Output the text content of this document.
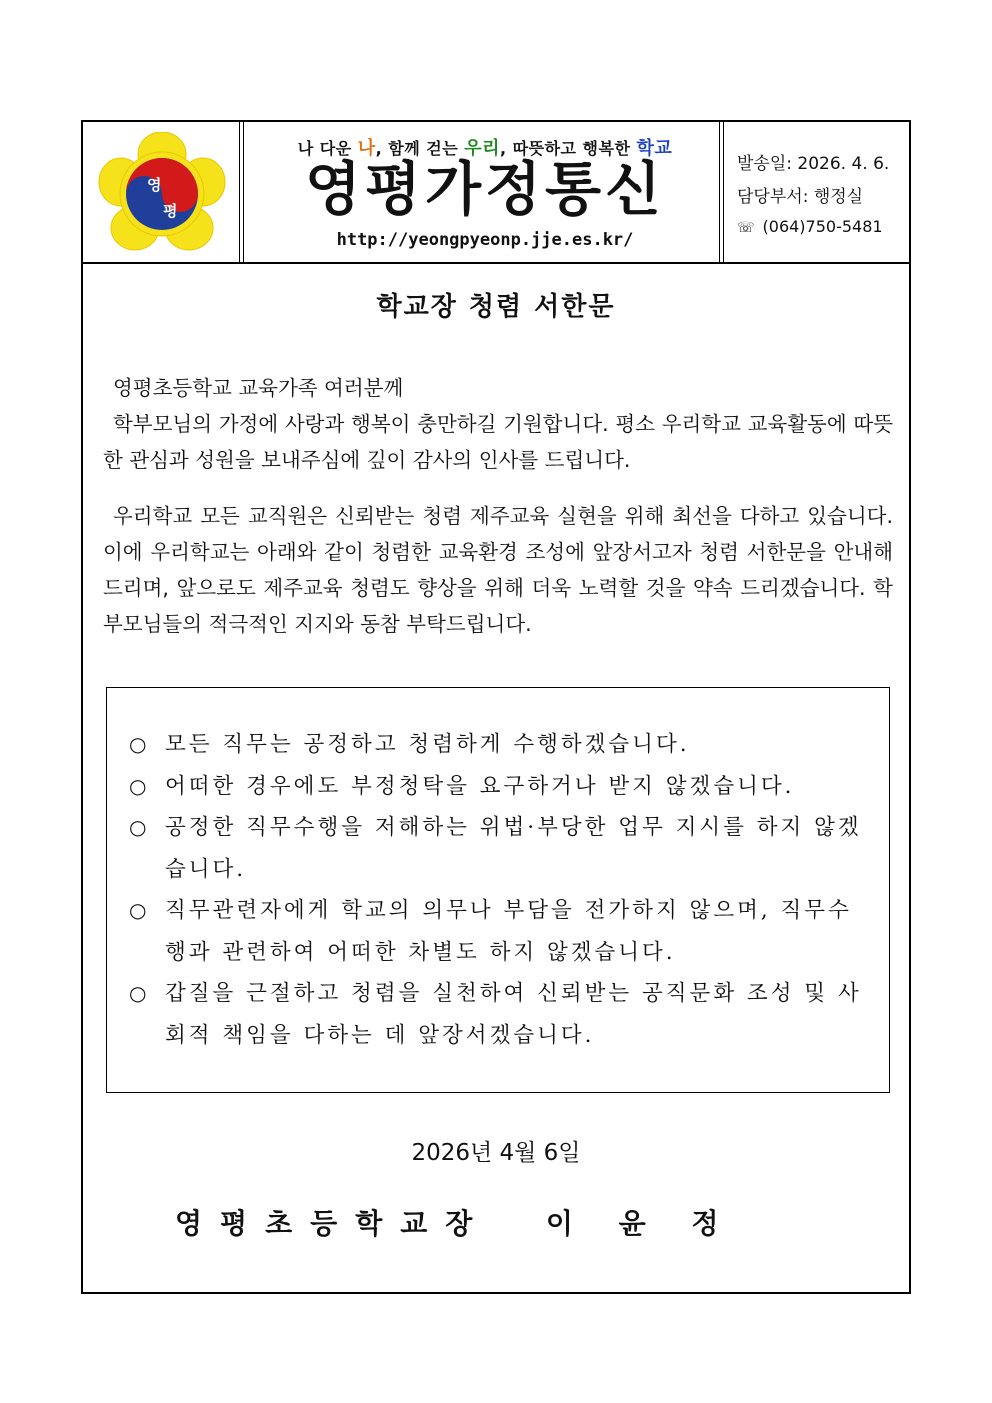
영
평
나 다운 나, 함께 걷는 우리, 따뜻하고 행복한 학교
영평가정통신
http://yeongpyeonp.jje.es.kr/
발송일: 2026. 4. 6.
담당부서: 행정실
☏ (064)750-5481
학교장 청렴 서한문

영평초등학교 교육가족 여러분께

학부모님의 가정에 사랑과 행복이 충만하길 기원합니다. 평소 우리학교 교육활동에 따뜻한 관심과 성원을 보내주심에 깊이 감사의 인사를 드립니다.

우리학교 모든 교직원은 신뢰받는 청렴 제주교육 실현을 위해 최선을 다하고 있습니다. 이에 우리학교는 아래와 같이 청렴한 교육환경 조성에 앞장서고자 청렴 서한문을 안내해 드리며, 앞으로도 제주교육 청렴도 향상을 위해 더욱 노력할 것을 약속 드리겠습니다. 학부모님들의 적극적인 지지와 동참 부탁드립니다.

○ 모든 직무는 공정하고 청렴하게 수행하겠습니다.
○ 어떠한 경우에도 부정청탁을 요구하거나 받지 않겠습니다.
○ 공정한 직무수행을 저해하는 위법·부당한 업무 지시를 하지 않겠습니다.
○ 직무관련자에게 학교의 의무나 부담을 전가하지 않으며, 직무수행과 관련하여 어떠한 차별도 하지 않겠습니다.
○ 갑질을 근절하고 청렴을 실천하여 신뢰받는 공직문화 조성 및 사회적 책임을 다하는 데 앞장서겠습니다.
2026년 4월 6일
영평초등학교장  이 윤 정
